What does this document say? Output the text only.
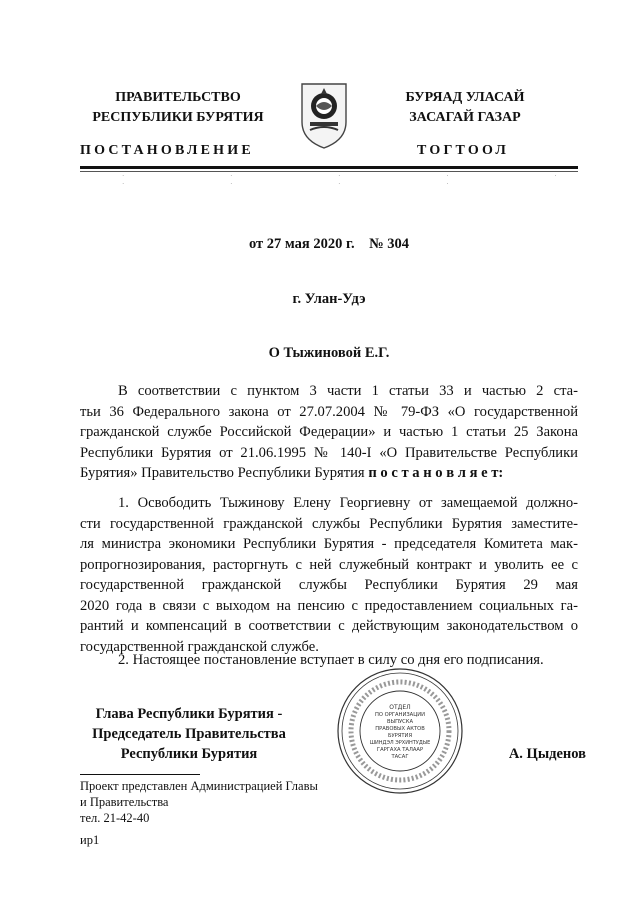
ПРАВИТЕЛЬСТВО
РЕСПУБЛИКИ БУРЯТИЯ
БУРЯАД УЛАСАЙ
ЗАСАГАЙ ГАЗАР
ПОСТАНОВЛЕНИЕ	ТОГТООЛ
· · · · · · · · ·
от 27 мая 2020 г.    № 304
г. Улан-Удэ
О Тыжиновой Е.Г.
В соответствии с пунктом 3 части 1 статьи 33 и частью 2 ста-
тьи 36 Федерального закона от 27.07.2004 № 79-ФЗ «О государственной
гражданской службе Российской Федерации» и частью 1 статьи 25 Закона
Республики Бурятия от 21.06.1995 № 140-I «О Правительстве Республики
Бурятия» Правительство Республики Бурятия п о с т а н о в л я е т:
1. Освободить Тыжинову Елену Георгиевну от замещаемой должно-
сти государственной гражданской службы Республики Бурятия заместите-
ля министра экономики Республики Бурятия - председателя Комитета мак-
ропрогнозирования, расторгнуть с ней служебный контракт и уволить ее с
государственной гражданской службы Республики Бурятия 29 мая
2020 года в связи с выходом на пенсию с предоставлением социальных га-
рантий и компенсаций в соответствии с действующим законодательством о
государственной гражданской службе.
2. Настоящее постановление вступает в силу со дня его подписания.
Глава Республики Бурятия -
Председатель Правительства
Республики Бурятия
ОТДЕЛ
ПО ОРГАНИЗАЦИИ
ВЫПУСКА
ПРАВОВЫХ АКТОВ
БУРЯТИЯ
ШИНДЭЛ ЭРХИНТУДЫЕ
ГАРГАХА ТАЛААР
ТАСАГ	А. Цыденов
Проект представлен Администрацией Главы
и Правительства
тел. 21-42-40
ир1
